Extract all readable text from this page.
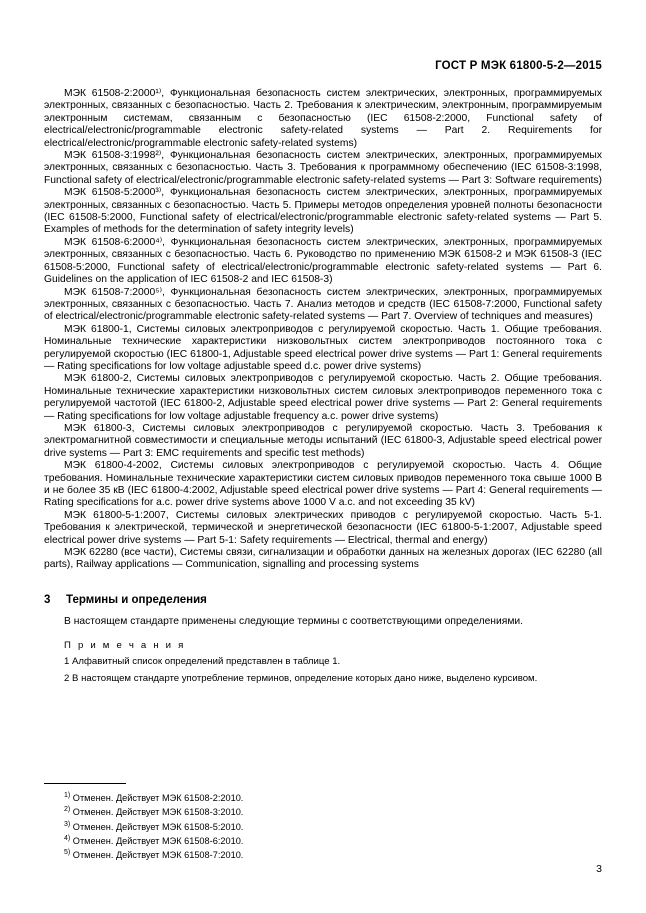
ГОСТ Р МЭК 61800-5-2—2015

МЭК 61508-2:2000¹⁾, Функциональная безопасность систем электрических, электронных, программируемых электронных, связанных с безопасностью. Часть 2. Требования к электрическим, электронным, программируемым электронным системам, связанным с безопасностью (IEC 61508-2:2000, Functional safety of electrical/electronic/programmable electronic safety-related systems — Part 2. Requirements for electrical/electronic/programmable electronic safety-related systems)

МЭК 61508-3:1998²⁾, Функциональная безопасность систем электрических, электронных, программируемых электронных, связанных с безопасностью. Часть 3. Требования к программному обеспечению (IEC 61508-3:1998, Functional safety of electrical/electronic/programmable electronic safety-related systems — Part 3: Software requirements)

МЭК 61508-5:2000³⁾, Функциональная безопасность систем электрических, электронных, программируемых электронных, связанных с безопасностью. Часть 5. Примеры методов определения уровней полноты безопасности (IEC 61508-5:2000, Functional safety of electrical/electronic/programmable electronic safety-related systems — Part 5. Examples of methods for the determination of safety integrity levels)

МЭК 61508-6:2000⁴⁾, Функциональная безопасность систем электрических, электронных, программируемых электронных, связанных с безопасностью. Часть 6. Руководство по применению МЭК 61508-2 и МЭК 61508-3 (IEC 61508-5:2000, Functional safety of electrical/electronic/programmable electronic safety-related systems — Part 6. Guidelines on the application of IEC 61508-2 and IEC 61508-3)

МЭК 61508-7:2000⁵⁾, Функциональная безопасность систем электрических, электронных, программируемых электронных, связанных с безопасностью. Часть 7. Анализ методов и средств (IEC 61508-7:2000, Functional safety of electrical/electronic/programmable electronic safety-related systems — Part 7. Overview of techniques and measures)

МЭК 61800-1, Системы силовых электроприводов с регулируемой скоростью. Часть 1. Общие требования. Номинальные технические характеристики низковольтных систем электроприводов постоянного тока с регулируемой скоростью (IEC 61800-1, Adjustable speed electrical power drive systems — Part 1: General requirements — Rating specifications for low voltage adjustable speed d.c. power drive systems)

МЭК 61800-2, Системы силовых электроприводов с регулируемой скоростью. Часть 2. Общие требования. Номинальные технические характеристики низковольтных систем силовых электроприводов переменного тока с регулируемой частотой (IEC 61800-2, Adjustable speed electrical power drive systems — Part 2: General requirements — Rating specifications for low voltage adjustable frequency a.c. power drive systems)

МЭК 61800-3, Системы силовых электроприводов с регулируемой скоростью. Часть 3. Требования к электромагнитной совместимости и специальные методы испытаний (IEC 61800-3, Adjustable speed electrical power drive systems — Part 3: EMC requirements and specific test methods)

МЭК 61800-4-2002, Системы силовых электроприводов с регулируемой скоростью. Часть 4. Общие требования. Номинальные технические характеристики систем силовых приводов переменного тока свыше 1000 В и не более 35 кВ (IEC 61800-4:2002, Adjustable speed electrical power drive systems — Part 4: General requirements — Rating specifications for a.c. power drive systems above 1000 V a.c. and not exceeding 35 kV)

МЭК 61800-5-1:2007, Системы силовых электрических приводов с регулируемой скоростью. Часть 5-1. Требования к электрической, термической и энергетической безопасности (IEC 61800-5-1:2007, Adjustable speed electrical power drive systems — Part 5-1: Safety requirements — Electrical, thermal and energy)

МЭК 62280 (все части), Системы связи, сигнализации и обработки данных на железных дорогах (IEC 62280 (all parts), Railway applications — Communication, signalling and processing systems

3 Термины и определения

В настоящем стандарте применены следующие термины с соответствующими определениями.

П р и м е ч а н и я

1 Алфавитный список определений представлен в таблице 1.

2 В настоящем стандарте употребление терминов, определение которых дано ниже, выделено курсивом.

$^{1)}$ Отменен. Действует МЭК 61508-2:2010.

$^{2)}$ Отменен. Действует МЭК 61508-3:2010.

$^{3)}$ Отменен. Действует МЭК 61508-5:2010.

$^{4)}$ Отменен. Действует МЭК 61508-6:2010.

$^{5)}$ Отменен. Действует МЭК 61508-7:2010.

3
